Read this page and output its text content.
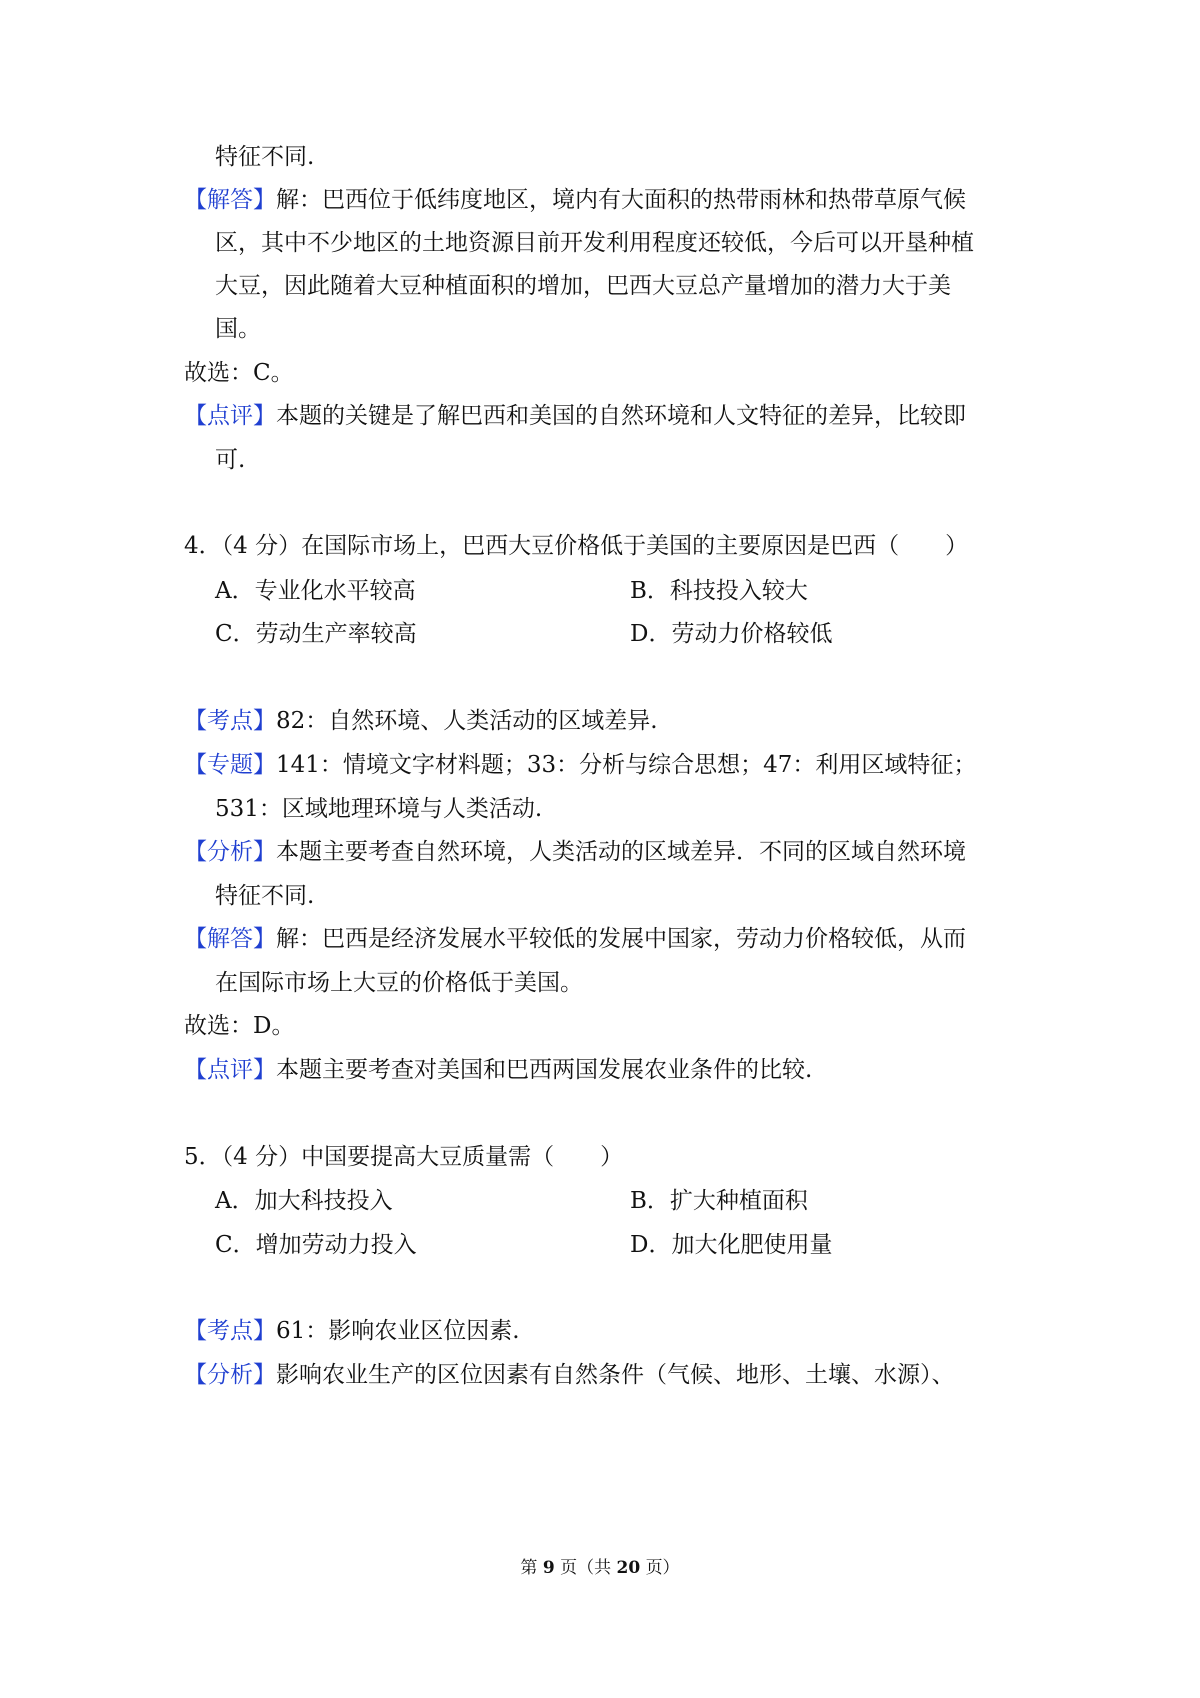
特征不同.
【解答】解：巴西位于低纬度地区，境内有大面积的热带雨林和热带草原气候
区，其中不少地区的土地资源目前开发利用程度还较低，今后可以开垦种植
大豆，因此随着大豆种植面积的增加，巴西大豆总产量增加的潜力大于美
国。
故选：C。
【点评】本题的关键是了解巴西和美国的自然环境和人文特征的差异，比较即
可.
4．（4 分）在国际市场上，巴西大豆价格低于美国的主要原因是巴西（　　）
A．专业化水平较高	B．科技投入较大
C．劳动生产率较高	D．劳动力价格较低
【考点】82：自然环境、人类活动的区域差异.
【专题】141：情境文字材料题；33：分析与综合思想；47：利用区域特征；
531：区域地理环境与人类活动.
【分析】本题主要考查自然环境，人类活动的区域差异．不同的区域自然环境
特征不同.
【解答】解：巴西是经济发展水平较低的发展中国家，劳动力价格较低，从而
在国际市场上大豆的价格低于美国。
故选：D。
【点评】本题主要考查对美国和巴西两国发展农业条件的比较.
5．（4 分）中国要提高大豆质量需（　　）
A．加大科技投入	B．扩大种植面积
C．增加劳动力投入	D．加大化肥使用量
【考点】61：影响农业区位因素.
【分析】影响农业生产的区位因素有自然条件（气候、地形、土壤、水源）、
第 9 页（共 20 页）
